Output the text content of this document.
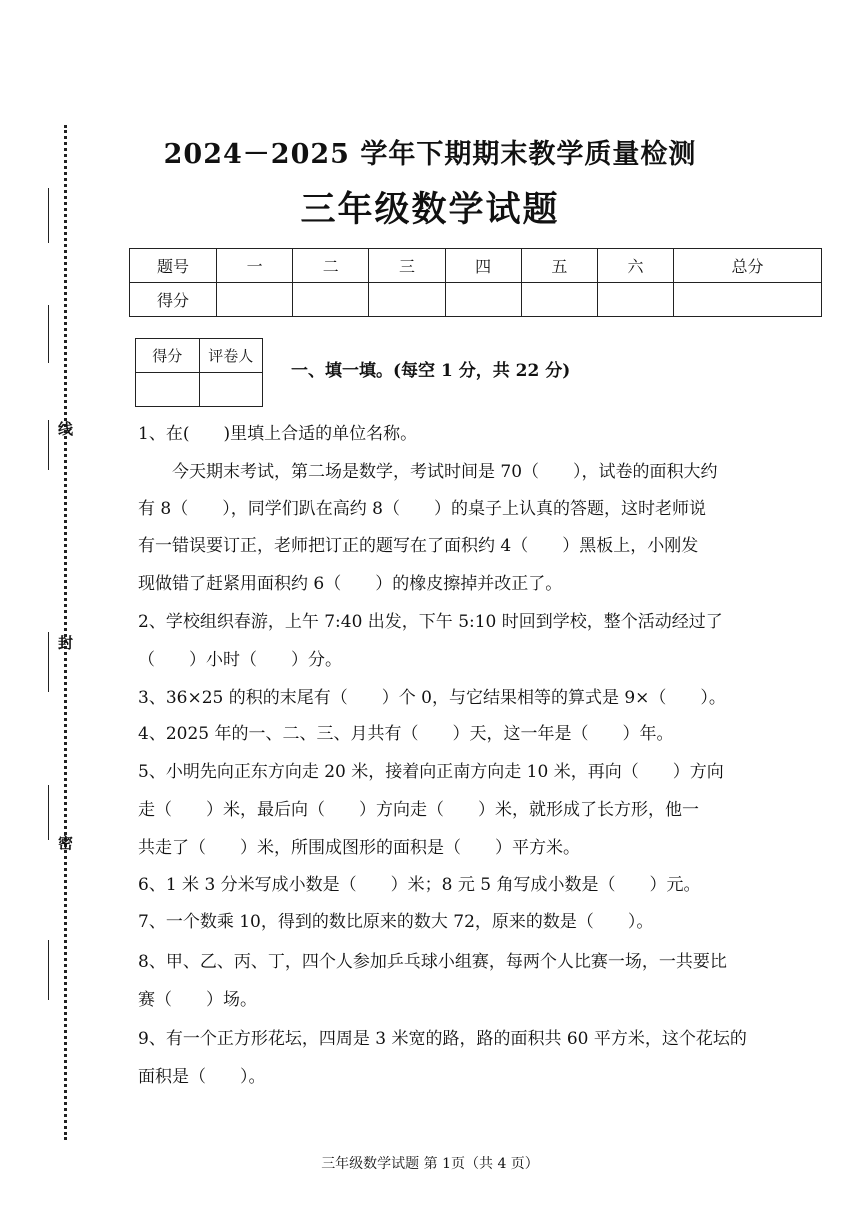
线
封
密
2024－2025 学年下期期末教学质量检测
三年级数学试题
题号	一	二	三	四	五	六	总分
得分							
得分	评卷人

一、填一填。(每空 1 分，共 22 分)
1、在(　　)里填上合适的单位名称。
今天期末考试，第二场是数学，考试时间是 70（　　），试卷的面积大约
有 8（　　），同学们趴在高约 8（　　）的桌子上认真的答题，这时老师说
有一错误要订正，老师把订正的题写在了面积约 4（　　）黑板上，小刚发
现做错了赶紧用面积约 6（　　）的橡皮擦掉并改正了。
2、学校组织春游，上午 7:40 出发，下午 5:10 时回到学校，整个活动经过了
（　　）小时（　　）分。
3、36×25 的积的末尾有（　　）个 0，与它结果相等的算式是 9×（　　）。
4、2025 年的一、二、三、月共有（　　）天，这一年是（　　）年。
5、小明先向正东方向走 20 米，接着向正南方向走 10 米，再向（　　）方向
走（　　）米，最后向（　　）方向走（　　）米，就形成了长方形，他一
共走了（　　）米，所围成图形的面积是（　　）平方米。
6、1 米 3 分米写成小数是（　　）米；8 元 5 角写成小数是（　　）元。
7、一个数乘 10，得到的数比原来的数大 72，原来的数是（　　）。
8、甲、乙、丙、丁，四个人参加乒乓球小组赛，每两个人比赛一场，一共要比
赛（　　）场。
9、有一个正方形花坛，四周是 3 米宽的路，路的面积共 60 平方米，这个花坛的
面积是（　　）。
三年级数学试题 第 1页（共 4 页）
